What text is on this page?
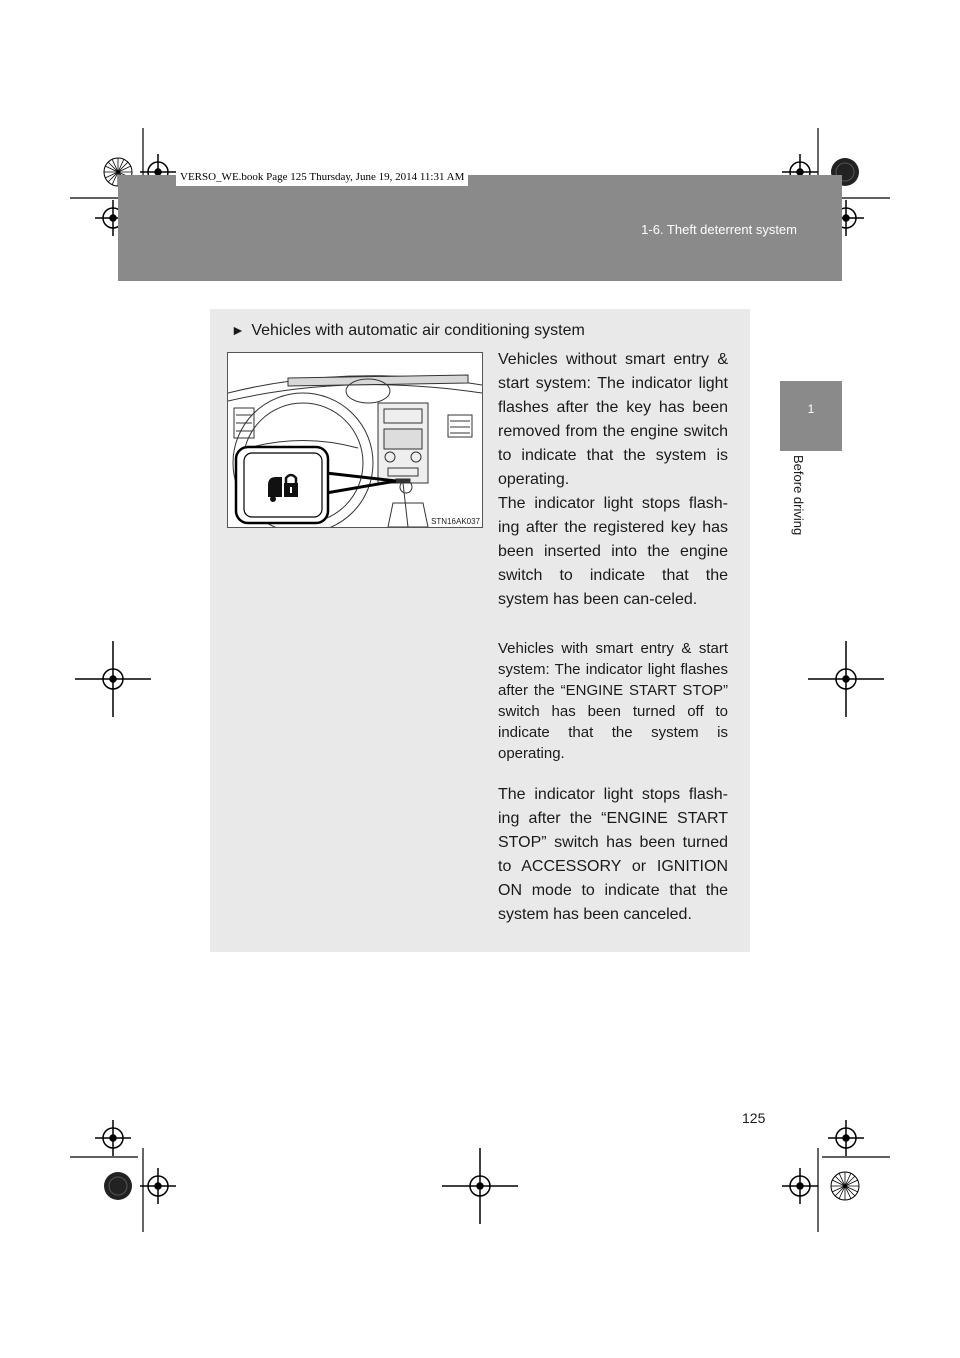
1-6. Theft deterrent system
VERSO_WE.book Page 125 Thursday, June 19, 2014 11:31 AM
1
Before driving
► Vehicles with automatic air conditioning system
STN16AK037
Vehicles without smart entry & start system: The indicator light flashes after the key has been removed from the engine switch to indicate that the system is operating.
The indicator light stops flash-ing after the registered key has been inserted into the engine switch to indicate that the system has been can-celed.
Vehicles with smart entry & start system: The indicator light flashes after the “ENGINE START STOP” switch has been turned off to indicate that the system is operating.
The indicator light stops flash-ing after the “ENGINE START STOP” switch has been turned to ACCESSORY or IGNITION ON mode to indicate that the system has been canceled.
125
